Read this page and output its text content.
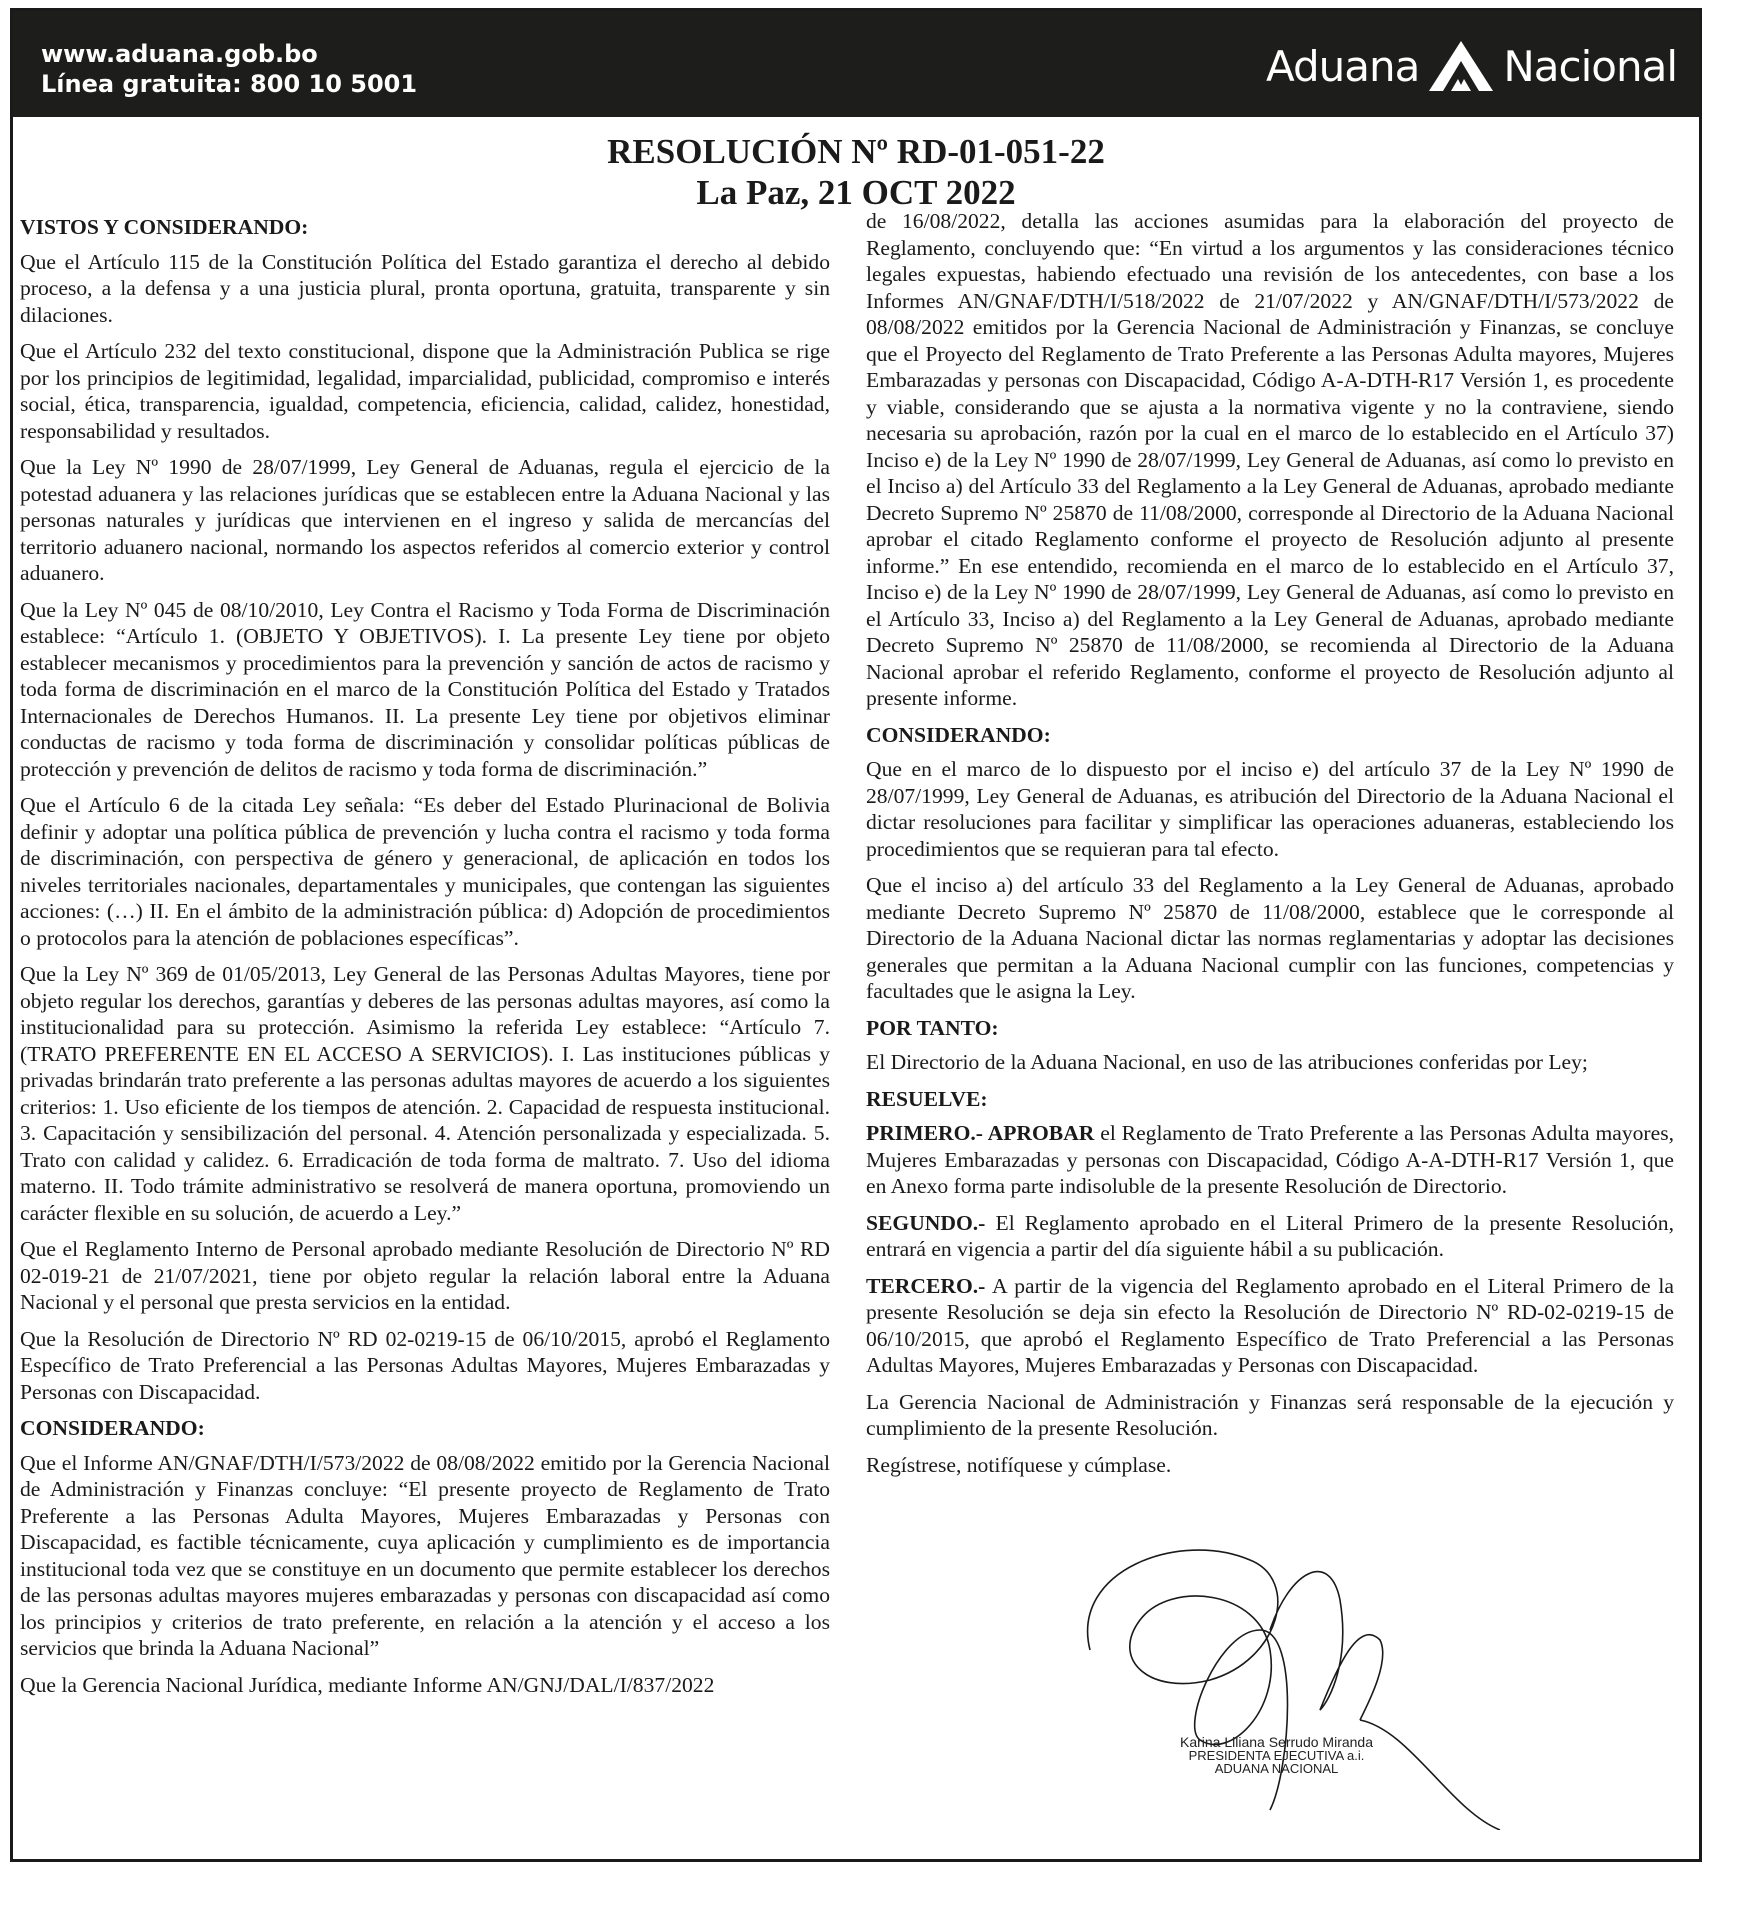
www.aduana.gob.bo
Línea gratuita: 800 10 5001	Aduana Nacional
RESOLUCIÓN Nº RD-01-051-22
La Paz, 21 OCT 2022
VISTOS Y CONSIDERANDO:

Que el Artículo 115 de la Constitución Política del Estado garantiza el derecho al debido proceso, a la defensa y a una justicia plural, pronta oportuna, gratuita, transparente y sin dilaciones.

Que el Artículo 232 del texto constitucional, dispone que la Administración Publica se rige por los principios de legitimidad, legalidad, imparcialidad, publicidad, compromiso e interés social, ética, transparencia, igualdad, competencia, eficiencia, calidad, calidez, honestidad, responsabilidad y resultados.

Que la Ley Nº 1990 de 28/07/1999, Ley General de Aduanas, regula el ejercicio de la potestad aduanera y las relaciones jurídicas que se establecen entre la Aduana Nacional y las personas naturales y jurídicas que intervienen en el ingreso y salida de mercancías del territorio aduanero nacional, normando los aspectos referidos al comercio exterior y control aduanero.

Que la Ley Nº 045 de 08/10/2010, Ley Contra el Racismo y Toda Forma de Discriminación establece: “Artículo 1. (OBJETO Y OBJETIVOS). I. La presente Ley tiene por objeto establecer mecanismos y procedimientos para la prevención y sanción de actos de racismo y toda forma de discriminación en el marco de la Constitución Política del Estado y Tratados Internacionales de Derechos Humanos. II. La presente Ley tiene por objetivos eliminar conductas de racismo y toda forma de discriminación y consolidar políticas públicas de protección y prevención de delitos de racismo y toda forma de discriminación.”

Que el Artículo 6 de la citada Ley señala: “Es deber del Estado Plurinacional de Bolivia definir y adoptar una política pública de prevención y lucha contra el racismo y toda forma de discriminación, con perspectiva de género y generacional, de aplicación en todos los niveles territoriales nacionales, departamentales y municipales, que contengan las siguientes acciones: (…) II. En el ámbito de la administración pública: d) Adopción de procedimientos o protocolos para la atención de poblaciones específicas”.

Que la Ley Nº 369 de 01/05/2013, Ley General de las Personas Adultas Mayores, tiene por objeto regular los derechos, garantías y deberes de las personas adultas mayores, así como la institucionalidad para su protección. Asimismo la referida Ley establece: “Artículo 7. (TRATO PREFERENTE EN EL ACCESO A SERVICIOS). I. Las instituciones públicas y privadas brindarán trato preferente a las personas adultas mayores de acuerdo a los siguientes criterios: 1. Uso eficiente de los tiempos de atención. 2. Capacidad de respuesta institucional. 3. Capacitación y sensibilización del personal. 4. Atención personalizada y especializada. 5. Trato con calidad y calidez. 6. Erradicación de toda forma de maltrato. 7. Uso del idioma materno. II. Todo trámite administrativo se resolverá de manera oportuna, promoviendo un carácter flexible en su solución, de acuerdo a Ley.”

Que el Reglamento Interno de Personal aprobado mediante Resolución de Directorio Nº RD 02-019-21 de 21/07/2021, tiene por objeto regular la relación laboral entre la Aduana Nacional y el personal que presta servicios en la entidad.

Que la Resolución de Directorio Nº RD 02-0219-15 de 06/10/2015, aprobó el Reglamento Específico de Trato Preferencial a las Personas Adultas Mayores, Mujeres Embarazadas y Personas con Discapacidad.

CONSIDERANDO:

Que el Informe AN/GNAF/DTH/I/573/2022 de 08/08/2022 emitido por la Gerencia Nacional de Administración y Finanzas concluye: “El presente proyecto de Reglamento de Trato Preferente a las Personas Adulta Mayores, Mujeres Embarazadas y Personas con Discapacidad, es factible técnicamente, cuya aplicación y cumplimiento es de importancia institucional toda vez que se constituye en un documento que permite establecer los derechos de las personas adultas mayores mujeres embarazadas y personas con discapacidad así como los principios y criterios de trato preferente, en relación a la atención y el acceso a los servicios que brinda la Aduana Nacional”

Que la Gerencia Nacional Jurídica, mediante Informe AN/GNJ/DAL/I/837/2022

de 16/08/2022, detalla las acciones asumidas para la elaboración del proyecto de Reglamento, concluyendo que: “En virtud a los argumentos y las consideraciones técnico legales expuestas, habiendo efectuado una revisión de los antecedentes, con base a los Informes AN/GNAF/DTH/I/518/2022 de 21/07/2022 y AN/GNAF/DTH/I/573/2022 de 08/08/2022 emitidos por la Gerencia Nacional de Administración y Finanzas, se concluye que el Proyecto del Reglamento de Trato Preferente a las Personas Adulta mayores, Mujeres Embarazadas y personas con Discapacidad, Código A-A-DTH-R17 Versión 1, es procedente y viable, considerando que se ajusta a la normativa vigente y no la contraviene, siendo necesaria su aprobación, razón por la cual en el marco de lo establecido en el Artículo 37) Inciso e) de la Ley Nº 1990 de 28/07/1999, Ley General de Aduanas, así como lo previsto en el Inciso a) del Artículo 33 del Reglamento a la Ley General de Aduanas, aprobado mediante Decreto Supremo Nº 25870 de 11/08/2000, corresponde al Directorio de la Aduana Nacional aprobar el citado Reglamento conforme el proyecto de Resolución adjunto al presente informe.” En ese entendido, recomienda en el marco de lo establecido en el Artículo 37, Inciso e) de la Ley Nº 1990 de 28/07/1999, Ley General de Aduanas, así como lo previsto en el Artículo 33, Inciso a) del Reglamento a la Ley General de Aduanas, aprobado mediante Decreto Supremo Nº 25870 de 11/08/2000, se recomienda al Directorio de la Aduana Nacional aprobar el referido Reglamento, conforme el proyecto de Resolución adjunto al presente informe.

CONSIDERANDO:

Que en el marco de lo dispuesto por el inciso e) del artículo 37 de la Ley Nº 1990 de 28/07/1999, Ley General de Aduanas, es atribución del Directorio de la Aduana Nacional el dictar resoluciones para facilitar y simplificar las operaciones aduaneras, estableciendo los procedimientos que se requieran para tal efecto.

Que el inciso a) del artículo 33 del Reglamento a la Ley General de Aduanas, aprobado mediante Decreto Supremo Nº 25870 de 11/08/2000, establece que le corresponde al Directorio de la Aduana Nacional dictar las normas reglamentarias y adoptar las decisiones generales que permitan a la Aduana Nacional cumplir con las funciones, competencias y facultades que le asigna la Ley.

POR TANTO:

El Directorio de la Aduana Nacional, en uso de las atribuciones conferidas por Ley;

RESUELVE:

PRIMERO.- APROBAR el Reglamento de Trato Preferente a las Personas Adulta mayores, Mujeres Embarazadas y personas con Discapacidad, Código A-A-DTH-R17 Versión 1, que en Anexo forma parte indisoluble de la presente Resolución de Directorio.

SEGUNDO.- El Reglamento aprobado en el Literal Primero de la presente Resolución, entrará en vigencia a partir del día siguiente hábil a su publicación.

TERCERO.- A partir de la vigencia del Reglamento aprobado en el Literal Primero de la presente Resolución se deja sin efecto la Resolución de Directorio Nº RD-02-0219-15 de 06/10/2015, que aprobó el Reglamento Específico de Trato Preferencial a las Personas Adultas Mayores, Mujeres Embarazadas y Personas con Discapacidad.

La Gerencia Nacional de Administración y Finanzas será responsable de la ejecución y cumplimiento de la presente Resolución.

Regístrese, notifíquese y cúmplase.

Karina Liliana Serrudo Miranda
PRESIDENTA EJECUTIVA a.i.
ADUANA NACIONAL
